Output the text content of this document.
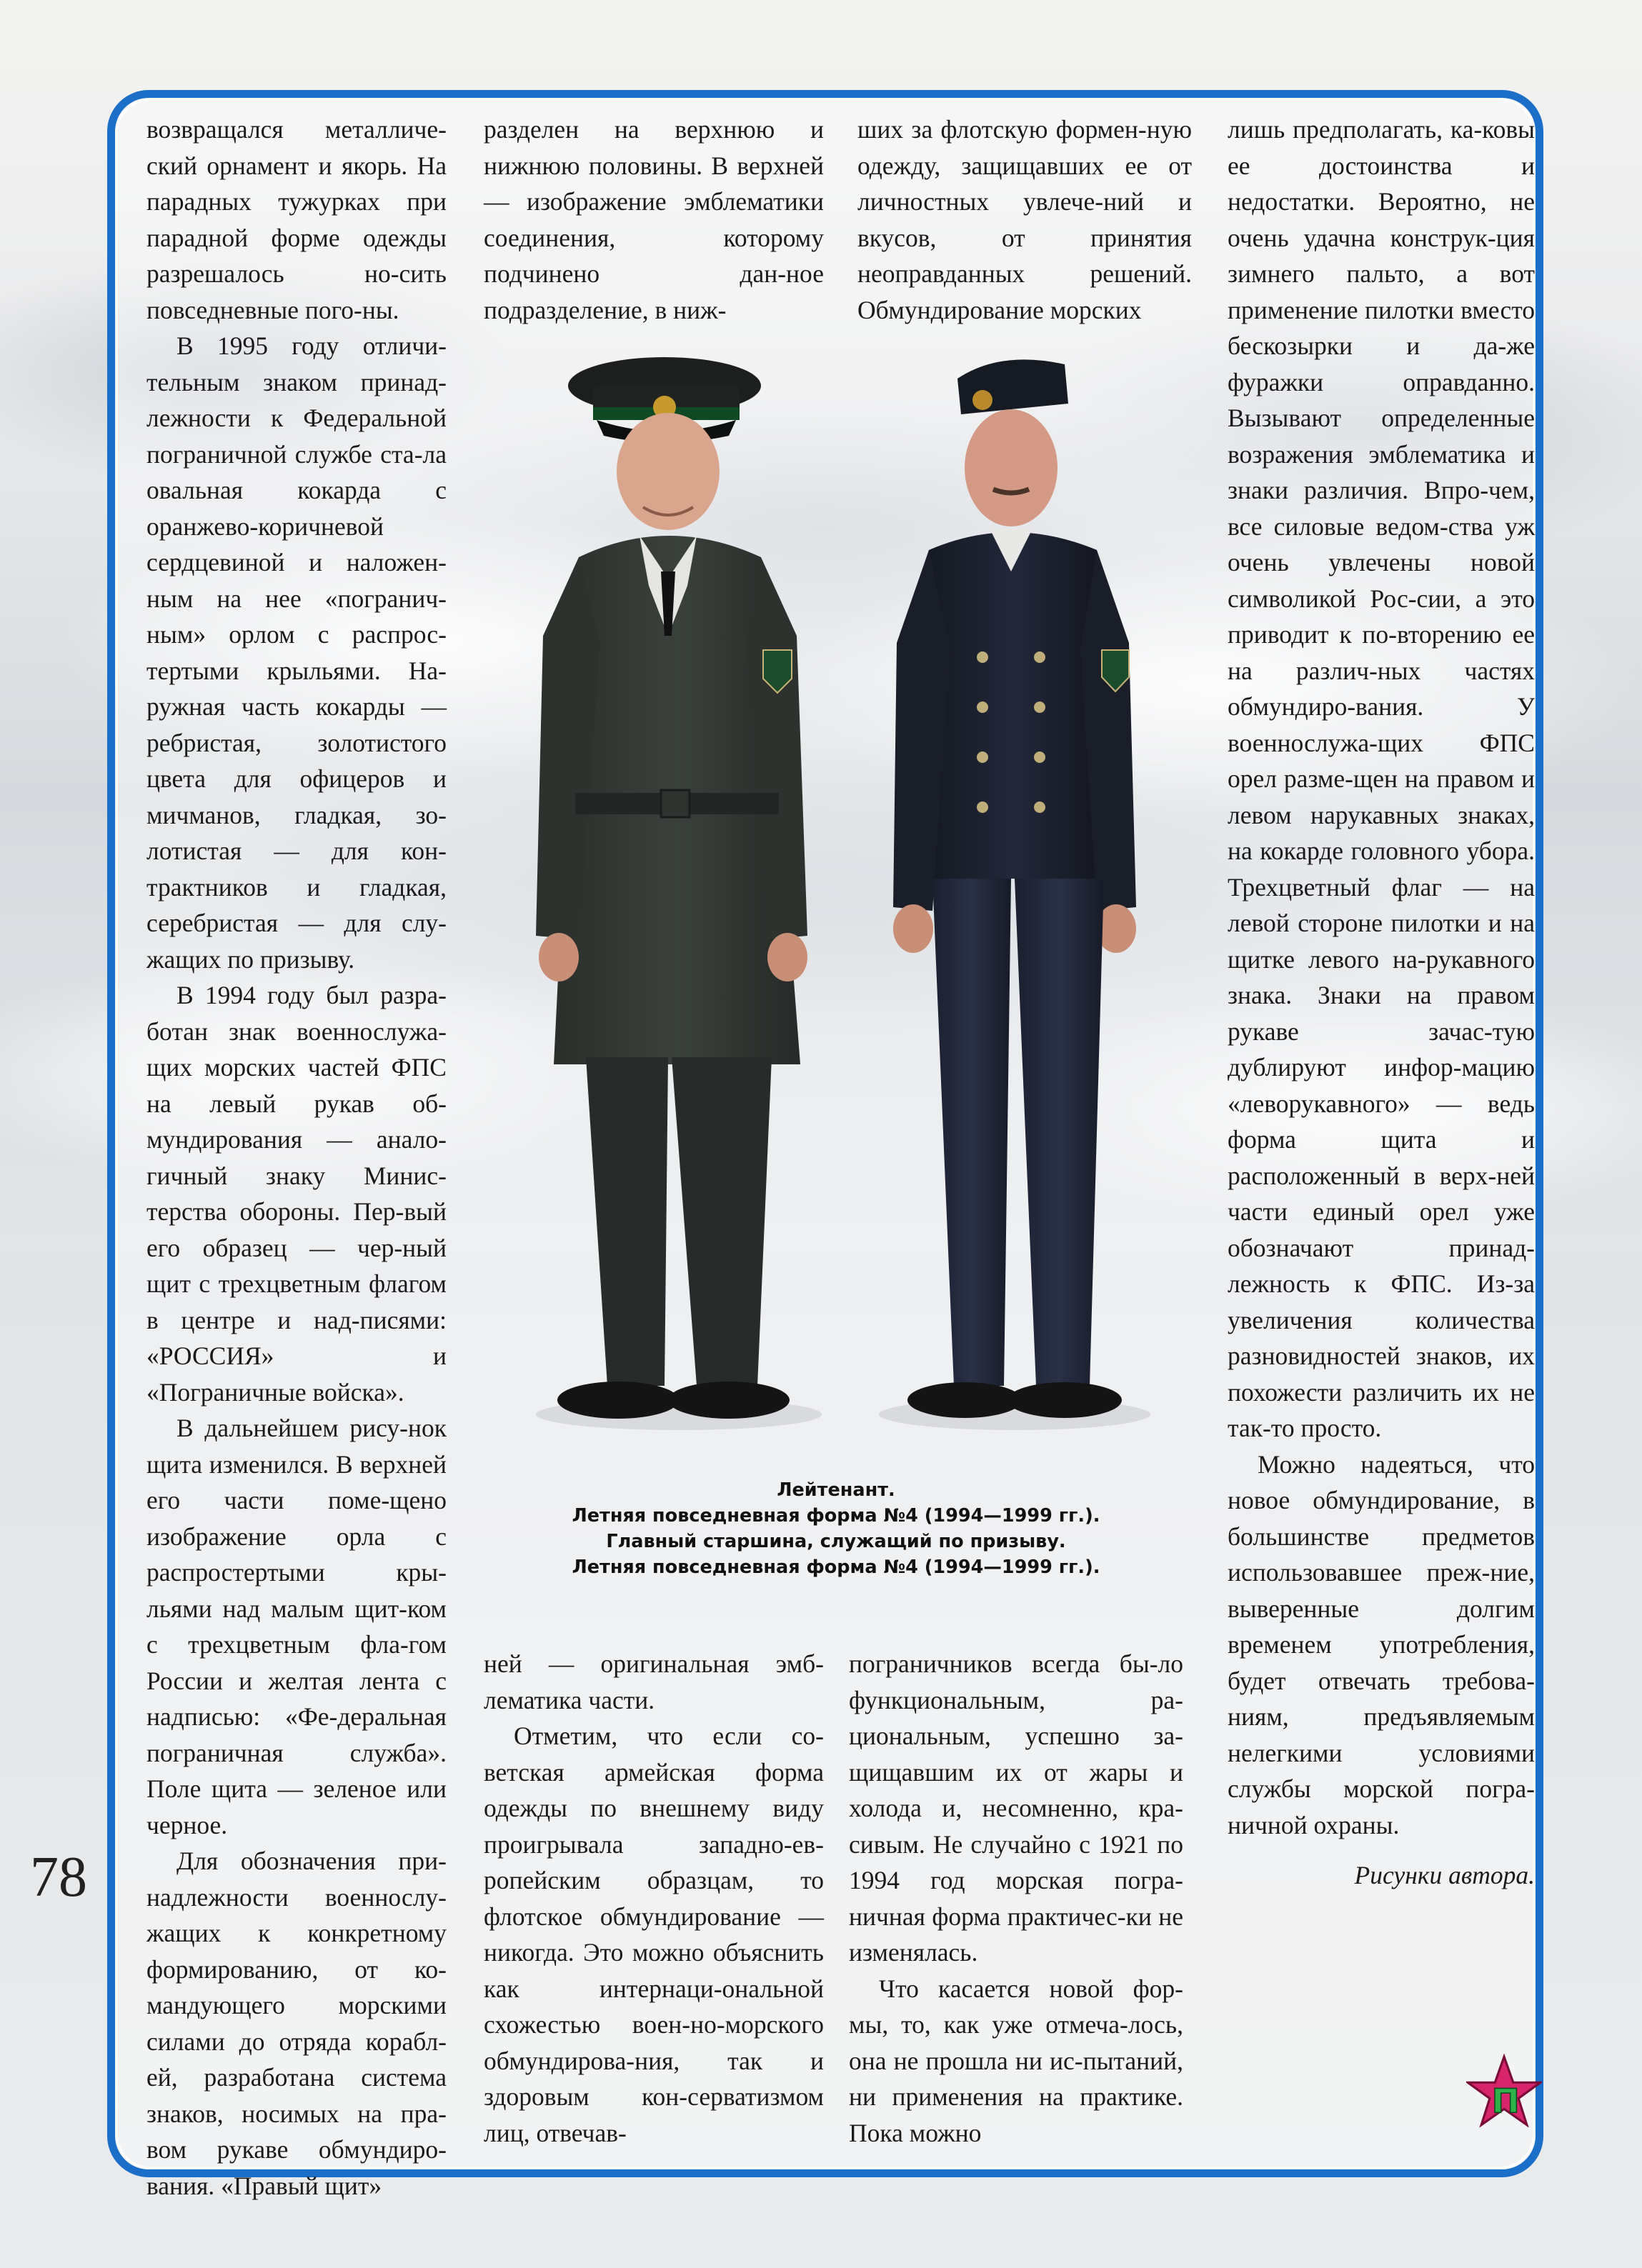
возвращался металличе-ский орнамент и якорь. На парадных тужурках при парадной форме одежды разрешалось но-сить повседневные пого-ны.

В 1995 году отличи-тельным знаком принад-лежности к Федеральной пограничной службе ста-ла овальная кокарда с оранжево-коричневой сердцевиной и наложен-ным на нее «погранич-ным» орлом с распрос-тертыми крыльями. На-ружная часть кокарды — ребристая, золотистого цвета для офицеров и мичманов, гладкая, зо-лотистая — для кон-трактников и гладкая, серебристая — для слу-жащих по призыву.

В 1994 году был разра-ботан знак военнослужа-щих морских частей ФПС на левый рукав об-мундирования — анало-гичный знаку Минис-терства обороны. Пер-вый его образец — чер-ный щит с трехцветным флагом в центре и над-писями: «РОССИЯ» и «Пограничные войска».

В дальнейшем рису-нок щита изменился. В верхней его части поме-щено изображение орла с распростертыми кры-льями над малым щит-ком с трехцветным фла-гом России и желтая лента с надписью: «Фе-деральная пограничная служба». Поле щита — зеленое или черное.

Для обозначения при-надлежности военнослу-жащих к конкретному формированию, от ко-мандующего морскими силами до отряда корабл-ей, разработана система знаков, носимых на пра-вом рукаве обмундиро-вания. «Правый щит»

разделен на верхнюю и нижнюю половины. В верхней — изображение эмблематики соединения, которому подчинено дан-ное подразделение, в ниж-

ших за флотскую формен-ную одежду, защищавших ее от личностных увлече-ний и вкусов, от принятия неоправданных решений. Обмундирование морских

лишь предполагать, ка-ковы ее достоинства и недостатки. Вероятно, не очень удачна конструк-ция зимнего пальто, а вот применение пилотки вместо бескозырки и да-же фуражки оправданно. Вызывают определенные возражения эмблематика и знаки различия. Впро-чем, все силовые ведом-ства уж очень увлечены новой символикой Рос-сии, а это приводит к по-вторению ее на различ-ных частях обмундиро-вания. У военнослужа-щих ФПС орел разме-щен на правом и левом нарукавных знаках, на кокарде головного убора. Трехцветный флаг — на левой стороне пилотки и на щитке левого на-рукавного знака. Знаки на правом рукаве зачас-тую дублируют инфор-мацию «леворукавного» — ведь форма щита и расположенный в верх-ней части единый орел уже обозначают принад-лежность к ФПС. Из-за увеличения количества разновидностей знаков, их похожести различить их не так-то просто.

Можно надеяться, что новое обмундирование, в большинстве предметов использовавшее преж-ние, выверенные долгим временем употребления, будет отвечать требова-ниям, предъявляемым нелегкими условиями службы морской погра-ничной охраны.

Рисунки автора.

ней — оригинальная эмб-лематика части.

Отметим, что если со-ветская армейская форма одежды по внешнему виду проигрывала западно-ев-ропейским образцам, то флотское обмундирование — никогда. Это можно объяснить как интернаци-ональной схожестью воен-но-морского обмундирова-ния, так и здоровым кон-серватизмом лиц, отвечав-

пограничников всегда бы-ло функциональным, ра-циональным, успешно за-щищавшим их от жары и холода и, несомненно, кра-сивым. Не случайно с 1921 по 1994 год морская погра-ничная форма практичес-ки не изменялась.

Что касается новой фор-мы, то, как уже отмеча-лось, она не прошла ни ис-пытаний, ни применения на практике. Пока можно

Лейтенант.
Летняя повседневная форма №4 (1994—1999 гг.).
Главный старшина, служащий по призыву.
Летняя повседневная форма №4 (1994—1999 гг.).
78
П
